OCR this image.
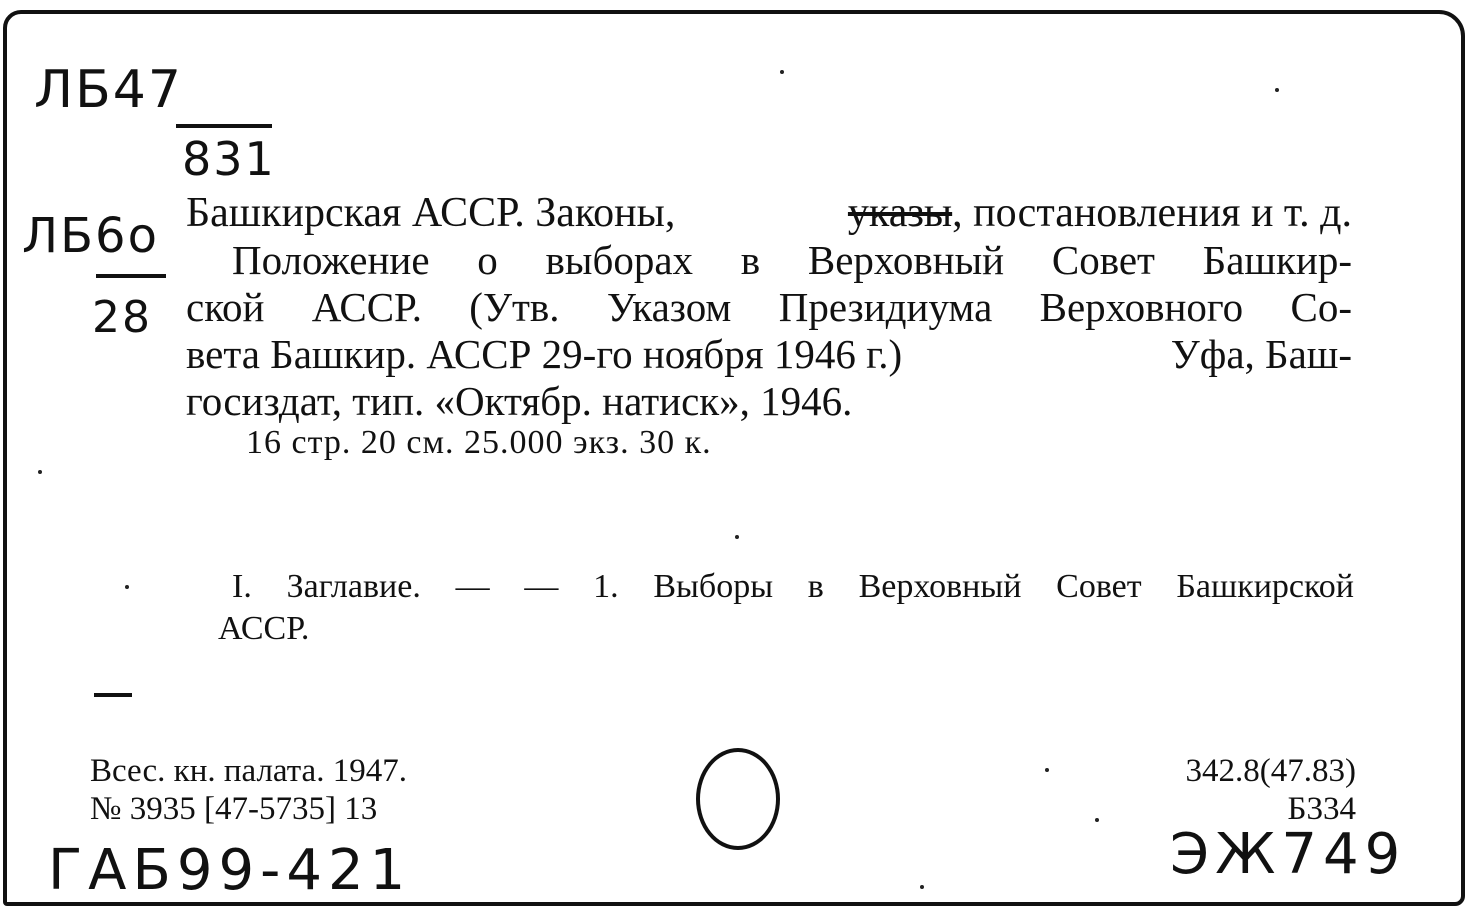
ЛБ47
831
ЛБ6о
28
Башкирская АССР. Законы,	указы, постановления и т. д.
Положение о выборах в Верховный Совет Башкир-
ской АССР. (Утв. Указом Президиума Верховного Со-
вета Башкир. АССР 29-го ноября 1946 г.)	Уфа, Баш-
госиздат, тип. «Октябр. натиск», 1946.
16 стр. 20 см. 25.000 экз. 30 к.
I. Заглавие. — — 1. Выборы в Верховный Совет Башкирской
АССР.
Всес. кн. палата. 1947.
№ 3935 [47-5735] 13
342.8(47.83)
Б334
ЭЖ749
ГАБ99-421
